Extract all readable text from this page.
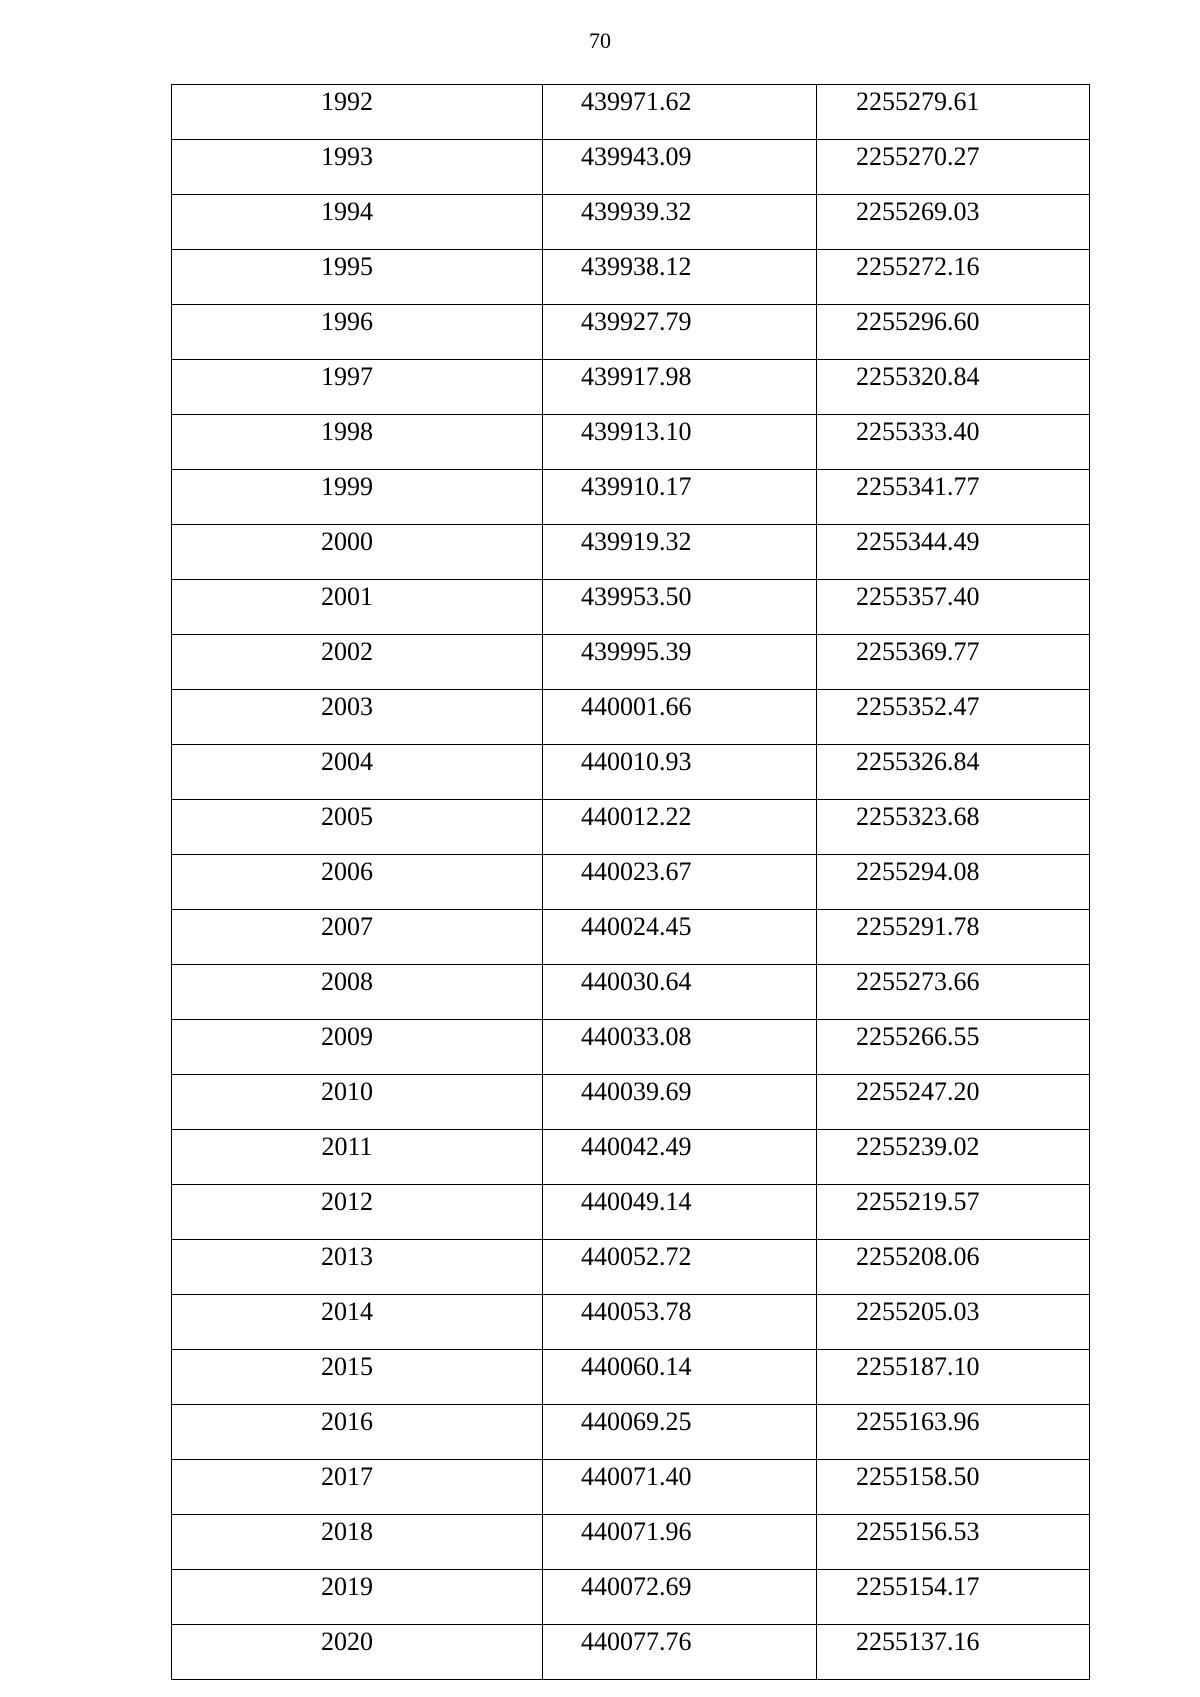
70
1992	439971.62	2255279.61
1993	439943.09	2255270.27
1994	439939.32	2255269.03
1995	439938.12	2255272.16
1996	439927.79	2255296.60
1997	439917.98	2255320.84
1998	439913.10	2255333.40
1999	439910.17	2255341.77
2000	439919.32	2255344.49
2001	439953.50	2255357.40
2002	439995.39	2255369.77
2003	440001.66	2255352.47
2004	440010.93	2255326.84
2005	440012.22	2255323.68
2006	440023.67	2255294.08
2007	440024.45	2255291.78
2008	440030.64	2255273.66
2009	440033.08	2255266.55
2010	440039.69	2255247.20
2011	440042.49	2255239.02
2012	440049.14	2255219.57
2013	440052.72	2255208.06
2014	440053.78	2255205.03
2015	440060.14	2255187.10
2016	440069.25	2255163.96
2017	440071.40	2255158.50
2018	440071.96	2255156.53
2019	440072.69	2255154.17
2020	440077.76	2255137.16
